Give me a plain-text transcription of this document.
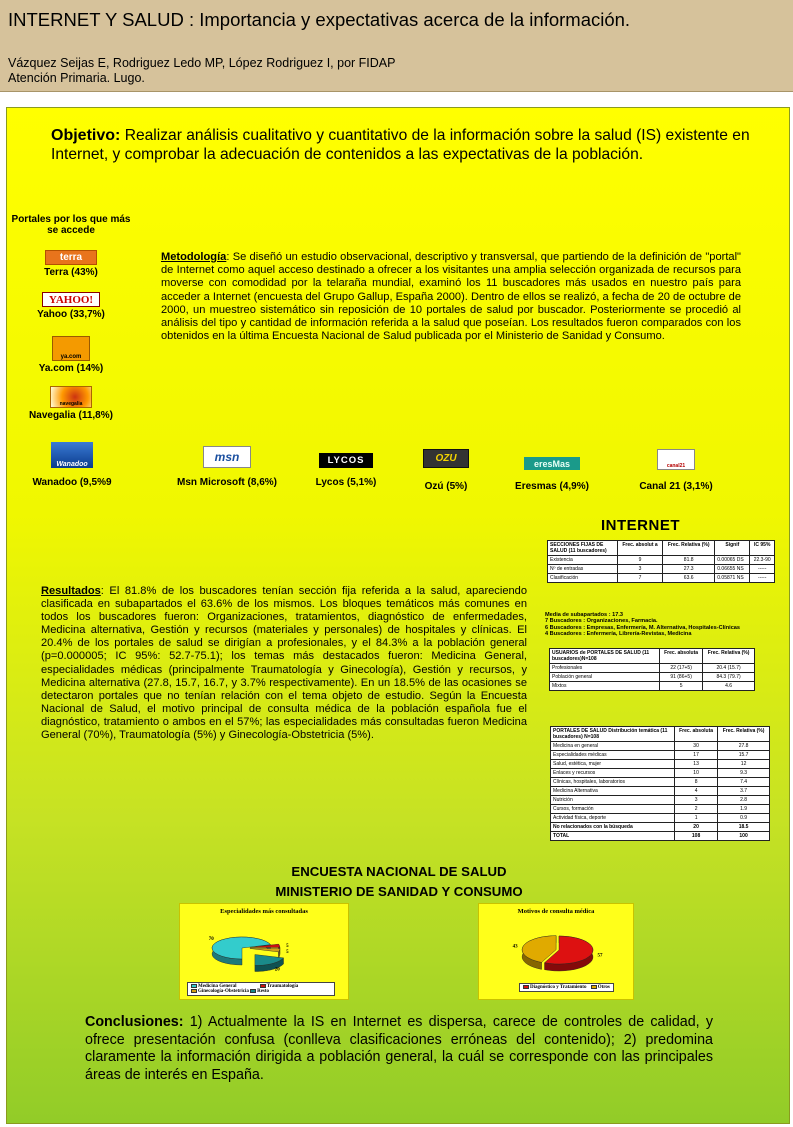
INTERNET Y SALUD : Importancia y expectativas acerca de la información.
Vázquez Seijas E, Rodriguez Ledo MP, López Rodriguez I, por FIDAP
Atención Primaria. Lugo.
Objetivo: Realizar análisis cualitativo y cuantitativo de la información sobre la salud (IS) existente en Internet, y comprobar la adecuación de contenidos a las expectativas de la población.
Portales por los que más se accede
terra
Terra (43%)
YAHOO!
Yahoo (33,7%)
ya.com
Ya.com (14%)
navegalia
Navegalia (11,8%)
Metodología: Se diseñó un estudio observacional, descriptivo y transversal, que partiendo de la definición de "portal" de Internet como aquel acceso destinado a ofrecer a los visitantes una amplia selección organizada de recursos para moverse con comodidad por la telaraña mundial, examinó los 11 buscadores más usados en nuestro país para acceder a Internet (encuesta del Grupo Gallup, España 2000). Dentro de ellos se realizó, a fecha de 20 de octubre de 2000, un muestreo sistemático sin reposición de 10 portales de salud por buscador. Posteriormente se procedió al análisis del tipo y cantidad de información referida a la salud que poseían. Los resultados fueron comparados con los obtenidos en la última Encuesta Nacional de Salud publicada por el Ministerio de Sanidad y Consumo.
Wanadoo
Wanadoo (9,5%9
msn
Msn Microsoft (8,6%)
LYCOS
Lycos (5,1%)
OZU
Ozú (5%)
eresMas
Eresmas (4,9%)
canal21
Canal 21 (3,1%)
INTERNET
SECCIONES FIJAS DE SALUD (11 buscadores)	Frec. absolut a	Frec. Relativa (%)	Signif	IC 95%
Existencia	9	81.8	0.00065 DS	22.3-90
Nº de entradas	3	27.3	0.06655 NS	-----
Clasificación	7	63.6	0.05871 NS	-----
Media de subapartados : 17.3
7 Buscadores : Organizaciones, Farmacia.
6 Buscadores : Empresas, Enfermería, M. Alternativa, Hospitales-Clínicas
4 Buscadores : Enfermería, Librería-Revistas, Medicina
USUARIOS de PORTALES DE SALUD (11 buscadores)N=108	Frec. absoluta	Frec. Relativa (%)
Profesionales	22 (17+5)	20.4 (15.7)
Población general	91 (86+5)	84.3 (79.7)
Mixtos	5	4.6
PORTALES DE SALUD Distribución temática (11 buscadores) N=108	Frec. absoluta	Frec. Relativa (%)
Medicina en general	30	27.8
Especialidades médicas	17	15.7
Salud, estética, mujer	13	12
Enlaces y recursos	10	9.3
Clínicas, hospitales, laboratorios	8	7.4
Medicina Alternativa	4	3.7
Nutrición	3	2.8
Cursos, formación	2	1.9
Actividad física, deporte	1	0.9
No relacionados con la búsqueda	20	18.5
TOTAL	108	100
Resultados: El 81.8% de los buscadores tenían sección fija referida a la salud, apareciendo clasificada en subapartados el 63.6% de los mismos. Los bloques temáticos más comunes en todos los buscadores fueron: Organizaciones, tratamientos, diagnóstico de enfermedades, Medicina alternativa, Gestión y recursos (materiales y personales) de hospitales y clínicas. El 20.4% de los portales de salud se dirigían a profesionales, y el 84.3% a la población general (p=0.000005; IC 95%: 52.7-75.1); los temas más destacados fueron: Medicina General, especialidades médicas (principalmente Traumatología y Ginecología), Gestión y recursos, y Medicina alternativa (27.8, 15.7, 16.7, y 3.7% respectivamente). En un 18.5% de las ocasiones se detectaron portales que no tenían relación con el tema objeto de estudio. Según la Encuesta Nacional de Salud, el motivo principal de consulta médica de la población española fue el diagnóstico, tratamiento o ambos en el 57%; las especialidades más consultadas fueron Medicina General (70%), Traumatología (5%) y Ginecología-Obstetricia (5%).
ENCUESTA NACIONAL DE SALUD
MINISTERIO DE SANIDAD Y CONSUMO
Especialidades más consultadas
70
5
5
20
Medicina General	Traumatología
Ginecología-Obstetricia Resto
Motivos de consulta médica
57
43
Diagnóstico y Tratamiento Otros
Conclusiones: 1) Actualmente la IS en Internet es dispersa, carece de controles de calidad, y ofrece presentación confusa (conlleva clasificaciones erróneas del contenido); 2) predomina claramente la información dirigida a población general, la cuál se corresponde con las principales áreas de interés en España.
